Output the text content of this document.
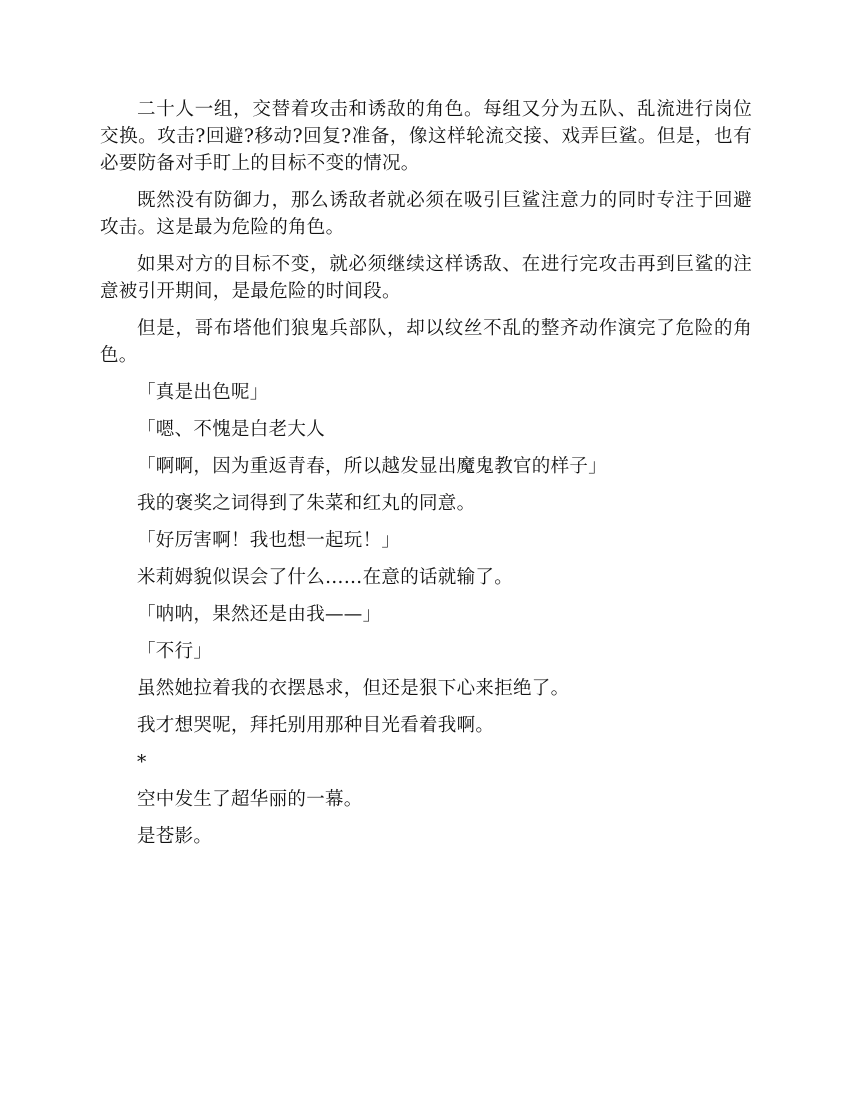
二十人一组，交替着攻击和诱敌的角色。每组又分为五队、乱流进行岗位交换。攻击?回避?移动?回复?准备，像这样轮流交接、戏弄巨鲨。但是，也有必要防备对手盯上的目标不变的情况。

既然没有防御力，那么诱敌者就必须在吸引巨鲨注意力的同时专注于回避攻击。这是最为危险的角色。

如果对方的目标不变，就必须继续这样诱敌、在进行完攻击再到巨鲨的注意被引开期间，是最危险的时间段。

但是，哥布塔他们狼鬼兵部队，却以纹丝不乱的整齐动作演完了危险的角色。

「真是出色呢」

「嗯、不愧是白老大人

「啊啊，因为重返青春，所以越发显出魔鬼教官的样子」

我的褒奖之词得到了朱菜和红丸的同意。

「好厉害啊！我也想一起玩！」

米莉姆貌似误会了什么……在意的话就输了。

「呐呐，果然还是由我——」

「不行」

虽然她拉着我的衣摆恳求，但还是狠下心来拒绝了。

我才想哭呢，拜托别用那种目光看着我啊。

*

空中发生了超华丽的一幕。

是苍影。
